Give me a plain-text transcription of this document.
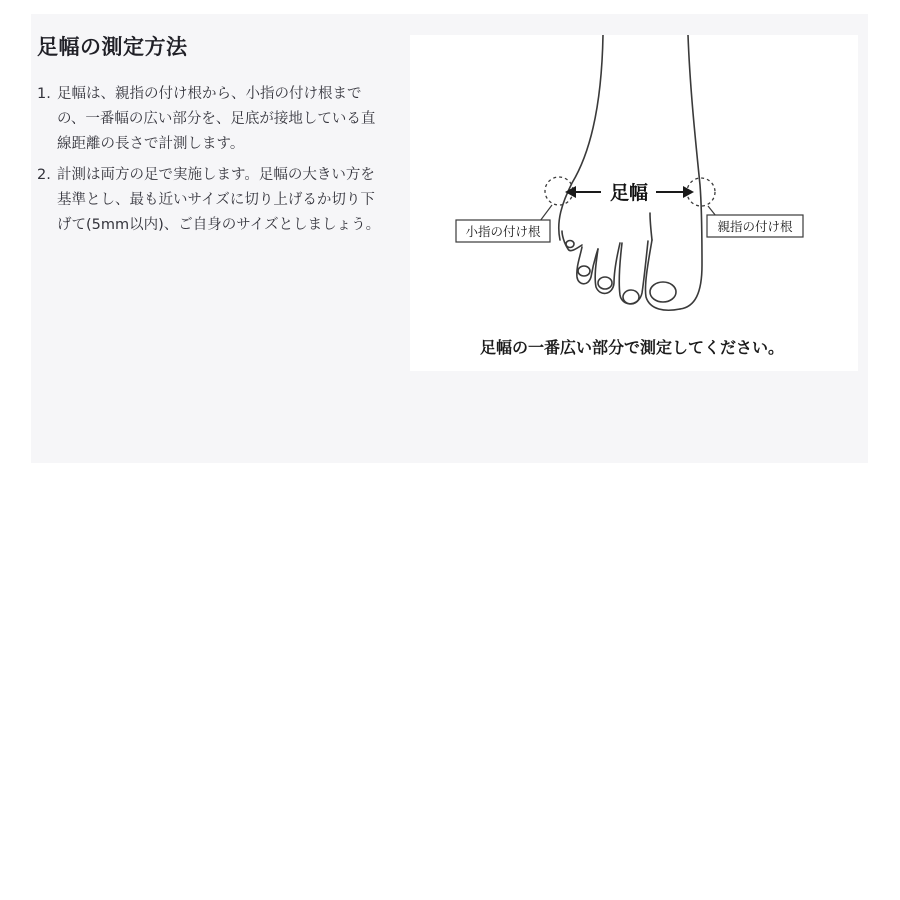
足幅の測定方法
1. 足幅は、親指の付け根から、小指の付け根までの、一番幅の広い部分を、足底が接地している直線距離の長さで計測します。
2. 計測は両方の足で実施します。足幅の大きい方を基準とし、最も近いサイズに切り上げるか切り下げて(5mm以内)、ご自身のサイズとしましょう。
足幅
小指の付け根	親指の付け根
足幅の一番広い部分で測定してください。
